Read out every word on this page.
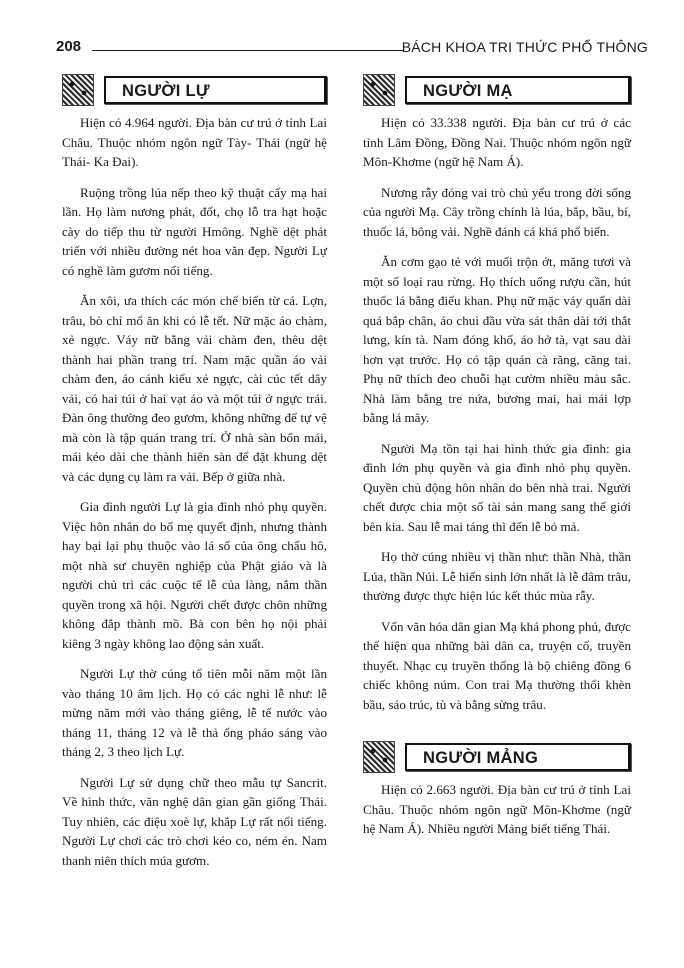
208	BÁCH KHOA TRI THỨC PHỔ THÔNG
NGƯỜI LỰ

Hiện có 4.964 người. Địa bàn cư trú ở tỉnh Lai Châu. Thuộc nhóm ngôn ngữ Tày- Thái (ngữ hệ Thái- Ka Đai).

Ruộng trồng lúa nếp theo kỹ thuật cấy mạ hai lần. Họ làm nương phát, đốt, chọ lỗ tra hạt hoặc cày do tiếp thu từ người Hmông. Nghề dệt phát triển với nhiều đường nét hoa văn đẹp. Người Lự có nghề làm gươm nổi tiếng.

Ăn xôi, ưa thích các món chế biến từ cá. Lợn, trâu, bò chỉ mổ ăn khi có lễ tết. Nữ mặc áo chàm, xẻ ngực. Váy nữ bằng vải chàm đen, thêu dệt thành hai phần trang trí. Nam mặc quần áo vải chàm đen, áo cánh kiểu xẻ ngực, cài cúc tết dây vải, có hai túi ở hai vạt áo và một túi ở ngực trái. Đàn ông thường đeo gươm, không những để tự vệ mà còn là tập quán trang trí. Ở nhà sàn bốn mái, mái kéo dài che thành hiên sàn để đặt khung dệt và các dụng cụ làm ra vải. Bếp ở giữa nhà.

Gia đình người Lự là gia đình nhỏ phụ quyền. Việc hôn nhân do bố mẹ quyết định, nhưng thành hay bại lại phụ thuộc vào lá số của ông chẩu hô, một nhà sư chuyên nghiệp của Phật giáo và là người chủ trì các cuộc tế lễ của làng, nắm thần quyền trong xã hội. Người chết được chôn những không đắp thành mồ. Bà con bên họ nội phải kiêng 3 ngày không lao động sản xuất.

Người Lự thờ cúng tổ tiên mỗi năm một lần vào tháng 10 âm lịch. Họ có các nghi lễ như: lễ mừng năm mới vào tháng giêng, lễ tế nước vào tháng 11, tháng 12 và lễ thả ống pháo sáng vào tháng 2, 3 theo lịch Lự.

Người Lự sử dụng chữ theo mẫu tự Sancrit. Về hình thức, văn nghệ dân gian gần giống Thái. Tuy nhiên, các điệu xoè lự, khắp Lự rất nổi tiếng. Người Lự chơi các trò chơi kéo co, ném én. Nam thanh niên thích múa gươm.

NGƯỜI MẠ

Hiện có 33.338 người. Địa bàn cư trú ở các tỉnh Lâm Đồng, Đồng Nai. Thuộc nhóm ngôn ngữ Môn-Khơme (ngữ hệ Nam Á).

Nương rẫy đóng vai trò chủ yếu trong đời sống của người Mạ. Cây trồng chính là lúa, bắp, bầu, bí, thuốc lá, bông vải. Nghề đánh cá khá phổ biến.

Ăn cơm gạo tẻ với muối trộn ớt, măng tươi và một số loại rau rừng. Họ thích uống rượu cần, hút thuốc lá bằng điếu khan. Phụ nữ mặc váy quấn dài quá bắp chân, áo chui đầu vừa sát thân dài tới thắt lưng, kín tà. Nam đóng khố, áo hở tà, vạt sau dài hơn vạt trước. Họ có tập quán cà răng, căng tai. Phụ nữ thích đeo chuỗi hạt cườm nhiều màu sắc. Nhà làm bằng tre nứa, bương mai, hai mái lợp bằng lá mây.

Người Mạ tồn tại hai hình thức gia đình: gia đình lớn phụ quyền và gia đình nhỏ phụ quyền. Quyền chủ động hôn nhân do bên nhà trai. Người chết được chia một số tài sản mang sang thế giới bên kia. Sau lễ mai táng thì đến lễ bỏ mả.

Họ thờ cúng nhiều vị thần như: thần Nhà, thần Lúa, thần Núi. Lễ hiến sinh lớn nhất là lễ đâm trâu, thường được thực hiện lúc kết thúc mùa rẫy.

Vốn văn hóa dân gian Mạ khá phong phú, được thể hiện qua những bài dân ca, truyện cổ, truyền thuyết. Nhạc cụ truyền thống là bộ chiêng đồng 6 chiếc không núm. Con trai Mạ thường thổi khèn bầu, sáo trúc, tù và bằng sừng trâu.

NGƯỜI MẢNG

Hiện có 2.663 người. Địa bàn cư trú ở tỉnh Lai Châu. Thuộc nhóm ngôn ngữ Môn-Khơme (ngữ hệ Nam Á). Nhiều người Mảng biết tiếng Thái.
